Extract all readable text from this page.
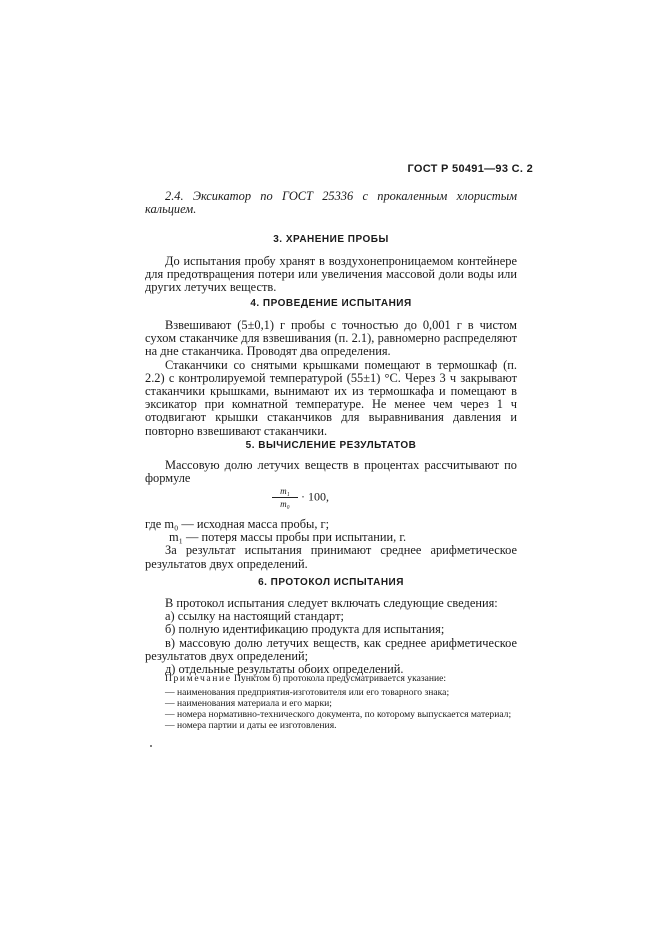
ГОСТ Р 50491—93 С. 2

2.4. Эксикатор по ГОСТ 25336 с прокаленным хлористым кальцием.

3. ХРАНЕНИЕ ПРОБЫ

До испытания пробу хранят в воздухонепроницаемом контейнере для предотвращения потери или увеличения массовой доли воды или других летучих веществ.

4. ПРОВЕДЕНИЕ ИСПЫТАНИЯ

Взвешивают (5±0,1) г пробы с точностью до 0,001 г в чистом сухом стаканчике для взвешивания (п. 2.1), равномерно распределяют на дне стаканчика. Проводят два определения.

Стаканчики со снятыми крышками помещают в термошкаф (п. 2.2) с контролируемой температурой (55±1) °С. Через 3 ч закрывают стаканчики крышками, вынимают их из термошкафа и помещают в эксикатор при комнатной температуре. Не менее чем через 1 ч отодвигают крышки стаканчиков для выравнивания давления и повторно взвешивают стаканчики.

5. ВЫЧИСЛЕНИЕ РЕЗУЛЬТАТОВ

Массовую долю летучих веществ в процентах рассчитывают по формуле

$\frac{\text{m₁}}{\text{m₀}} \cdot 100$,

где m₀ — исходная масса пробы, г;

m₁ — потеря массы пробы при испытании, г.

За результат испытания принимают среднее арифметическое результатов двух определений.

6. ПРОТОКОЛ ИСПЫТАНИЯ

В протокол испытания следует включать следующие сведения:

а) ссылку на настоящий стандарт;

б) полную идентификацию продукта для испытания;

в) массовую долю летучих веществ, как среднее арифметическое результатов двух определений;

д) отдельные результаты обоих определений.

Примечание Пунктом б) протокола предусматривается указание:

— наименования предприятия-изготовителя или его товарного знака;

— наименования материала и его марки;

— номера нормативно-технического документа, по которому выпускается материал;

— номера партии и даты ее изготовления.
